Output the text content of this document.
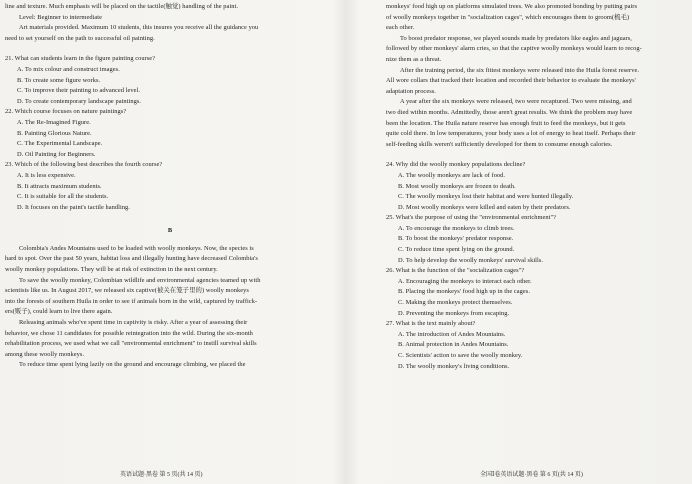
line and texture. Much emphasis will be placed on the tactile(触觉) handling of the paint.

Level: Beginner to intermediate

Art materials provided. Maximum 10 students, this insures you receive all the guidance you

need to set yourself on the path to successful oil painting.

21. What can students learn in the figure painting course?

A. To mix colour and construct images.

B. To create some figure works.

C. To improve their painting to advanced level.

D. To create contemporary landscape paintings.

22. Which course focuses on nature paintings?

A. The Re-Imagined Figure.

B. Painting Glorious Nature.

C. The Experimental Landscape.

D. Oil Painting for Beginners.

23. Which of the following best describes the fourth course?

A. It is less expensive.

B. It attracts maximum students.

C. It is suitable for all the students.

D. It focuses on the paint's tactile handling.

B

Colombia's Andes Mountains used to be loaded with woolly monkeys. Now, the species is

hard to spot. Over the past 50 years, habitat loss and illegally hunting have decreased Colombia's

woolly monkey populations. They will be at risk of extinction in the next century.

To save the woolly monkey, Colombian wildlife and environmental agencies teamed up with

scientists like us. In August 2017, we released six captive(被关在笼子里的) woolly monkeys

into the forests of southern Huila in order to see if animals born in the wild, captured by traffick-

ers(贩子), could learn to live there again.

Releasing animals who've spent time in captivity is risky. After a year of assessing their

behavior, we chose 11 candidates for possible reintegration into the wild. During the six-month

rehabilitation process, we used what we call "environmental enrichment" to instill survival skills

among these woolly monkeys.

To reduce time spent lying lazily on the ground and encourage climbing, we placed the

英语试题·黑卷 第 5 页(共 14 页)

monkeys' food high up on platforms simulated trees. We also promoted bonding by putting pairs

of woolly monkeys together in "socialization cages", which encourages them to groom(梳毛)

each other.

To boost predator response, we played sounds made by predators like eagles and jaguars,

followed by other monkeys' alarm cries, so that the captive woolly monkeys would learn to recog-

nize them as a threat.

After the training period, the six fittest monkeys were released into the Huila forest reserve.

All wore collars that tracked their location and recorded their behavior to evaluate the monkeys'

adaptation process.

A year after the six monkeys were released, two were recaptured. Two were missing, and

two died within months. Admittedly, those aren't great results. We think the problem may have

been the location. The Huila nature reserve has enough fruit to feed the monkeys, but it gets

quite cold there. In low temperatures, your body uses a lot of energy to heat itself. Perhaps their

self-feeding skills weren't sufficiently developed for them to consume enough calories.

24. Why did the woolly monkey populations decline?

A. The woolly monkeys are lack of food.

B. Most woolly monkeys are frozen to death.

C. The woolly monkeys lost their habitat and were hunted illegally.

D. Most woolly monkeys were killed and eaten by their predators.

25. What's the purpose of using the "environmental enrichment"?

A. To encourage the monkeys to climb trees.

B. To boost the monkeys' predator response.

C. To reduce time spent lying on the ground.

D. To help develop the woolly monkeys' survival skills.

26. What is the function of the "socialization cages"?

A. Encouraging the monkeys to interact each other.

B. Placing the monkeys' food high up in the cages.

C. Making the monkeys protect themselves.

D. Preventing the monkeys from escaping.

27. What is the text mainly about?

A. The introduction of Andes Mountains.

B. Animal protection in Andes Mountains.

C. Scientists' action to save the woolly monkey.

D. The woolly monkey's living conditions.

全国Ⅰ卷英语试题·黑卷 第 6 页(共 14 页)
